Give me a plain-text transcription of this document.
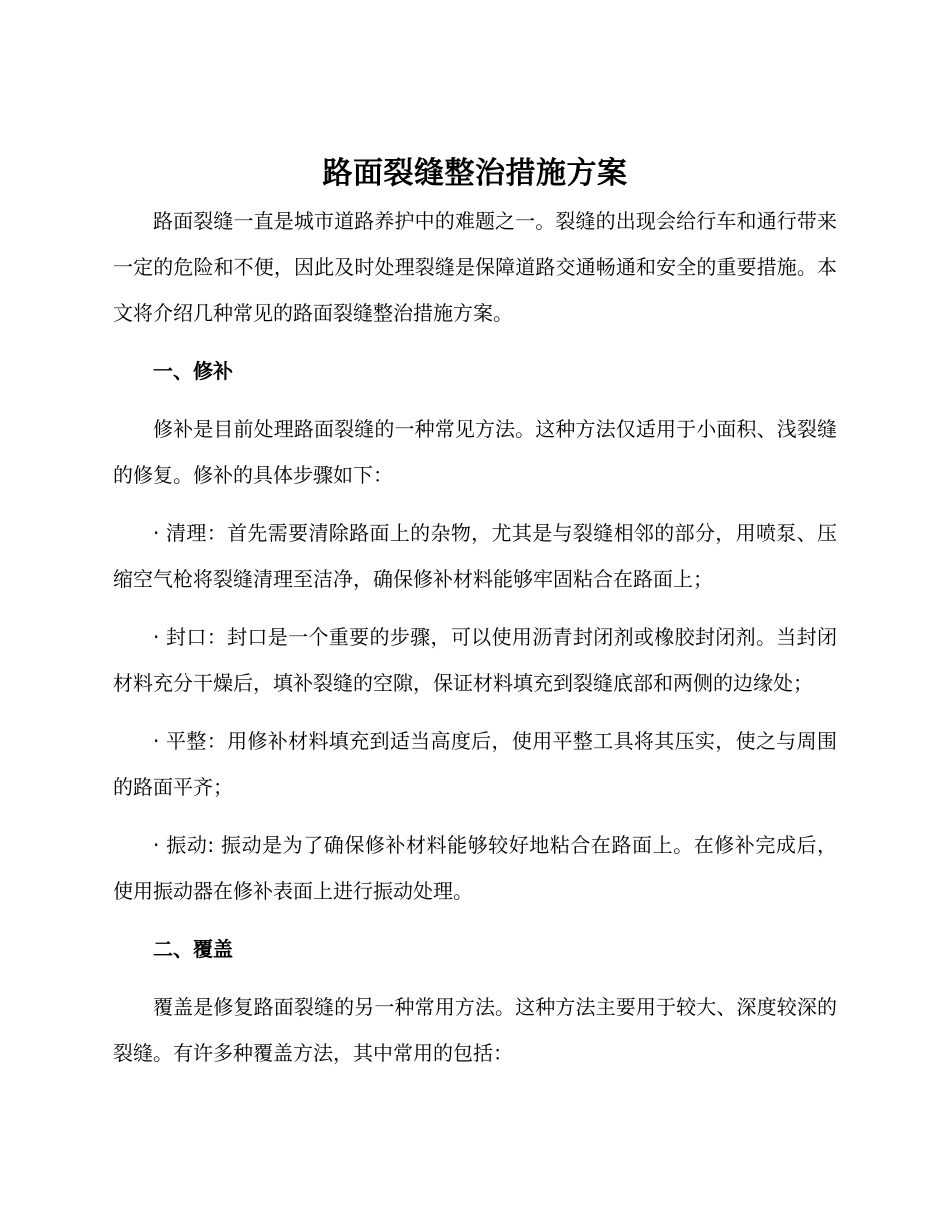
路面裂缝整治措施方案

路面裂缝一直是城市道路养护中的难题之一。裂缝的出现会给行车和通行带来一定的危险和不便，因此及时处理裂缝是保障道路交通畅通和安全的重要措施。本文将介绍几种常见的路面裂缝整治措施方案。

一、修补

修补是目前处理路面裂缝的一种常见方法。这种方法仅适用于小面积、浅裂缝的修复。修补的具体步骤如下：

· 清理：首先需要清除路面上的杂物，尤其是与裂缝相邻的部分，用喷泵、压缩空气枪将裂缝清理至洁净，确保修补材料能够牢固粘合在路面上；

· 封口：封口是一个重要的步骤，可以使用沥青封闭剂或橡胶封闭剂。当封闭材料充分干燥后，填补裂缝的空隙，保证材料填充到裂缝底部和两侧的边缘处；

· 平整：用修补材料填充到适当高度后，使用平整工具将其压实，使之与周围的路面平齐；

· 振动: 振动是为了确保修补材料能够较好地粘合在路面上。在修补完成后，使用振动器在修补表面上进行振动处理。

二、覆盖

覆盖是修复路面裂缝的另一种常用方法。这种方法主要用于较大、深度较深的裂缝。有许多种覆盖方法，其中常用的包括：
